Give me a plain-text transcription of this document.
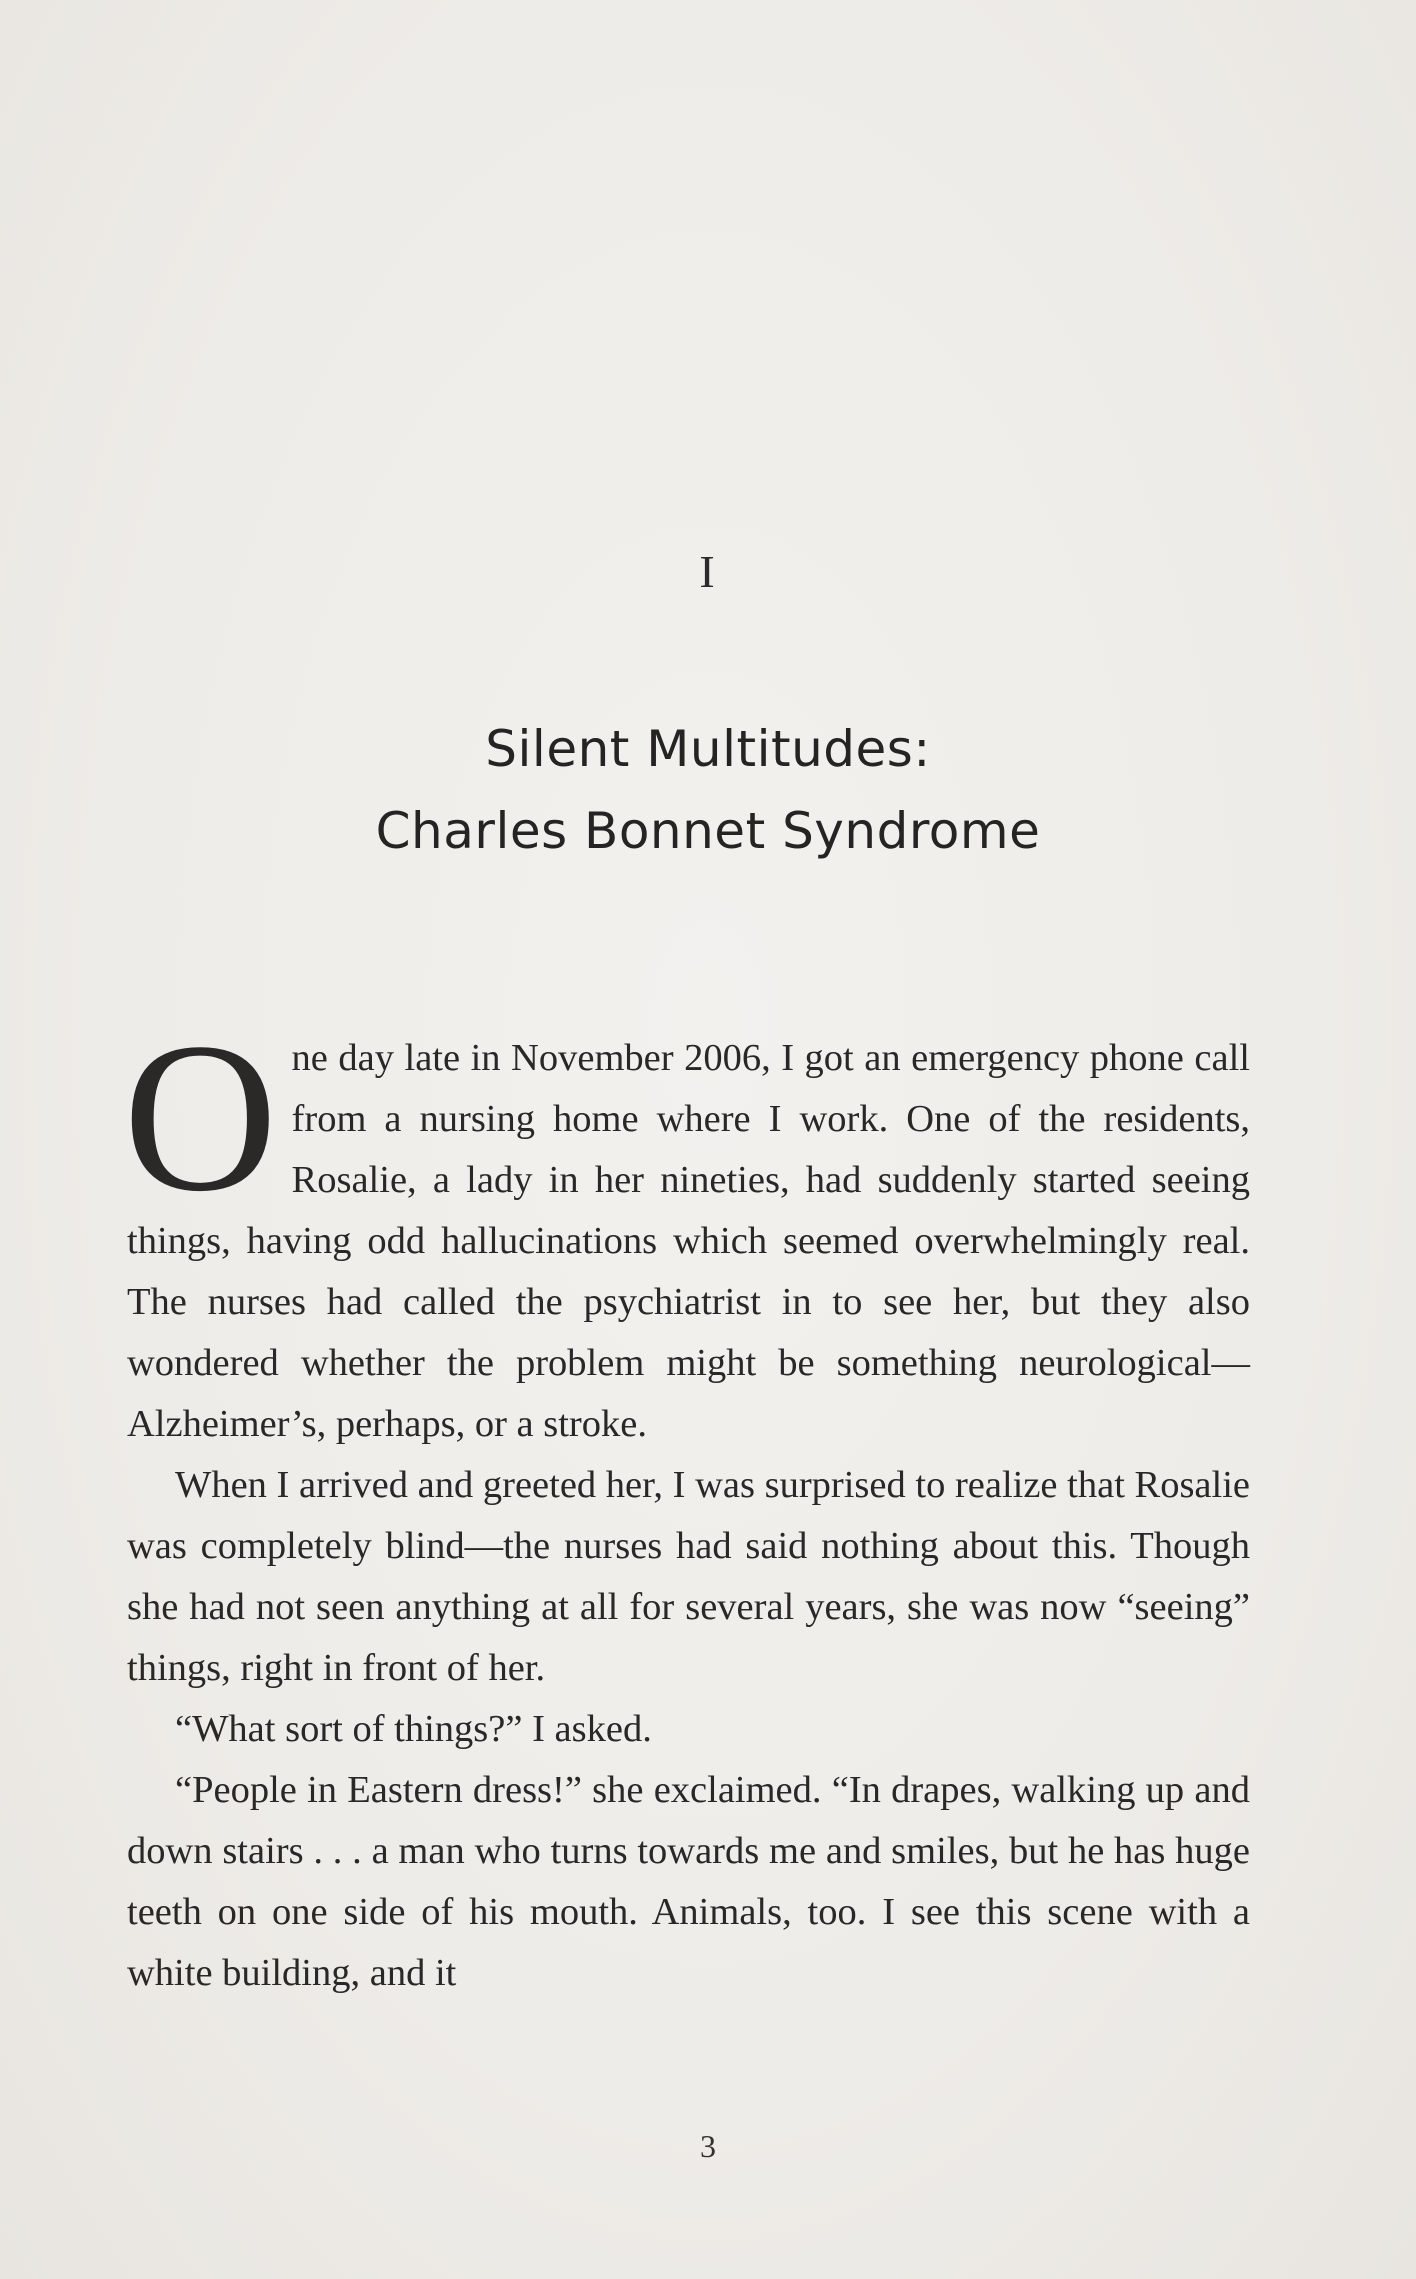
I
Silent Multitudes:
Charles Bonnet Syndrome

One day late in November 2006, I got an emergency phone call from a nursing home where I work. One of the residents, Rosalie, a lady in her nineties, had suddenly started seeing things, having odd hallucinations which seemed overwhelmingly real. The nurses had called the psychiatrist in to see her, but they also wondered whether the problem might be something neurological—Alzheimer’s, perhaps, or a stroke.

When I arrived and greeted her, I was surprised to realize that Rosalie was completely blind—the nurses had said nothing about this. Though she had not seen anything at all for several years, she was now “seeing” things, right in front of her.

“What sort of things?” I asked.

“People in Eastern dress!” she exclaimed. “In drapes, walking up and down stairs . . . a man who turns towards me and smiles, but he has huge teeth on one side of his mouth. Animals, too. I see this scene with a white building, and it

3
